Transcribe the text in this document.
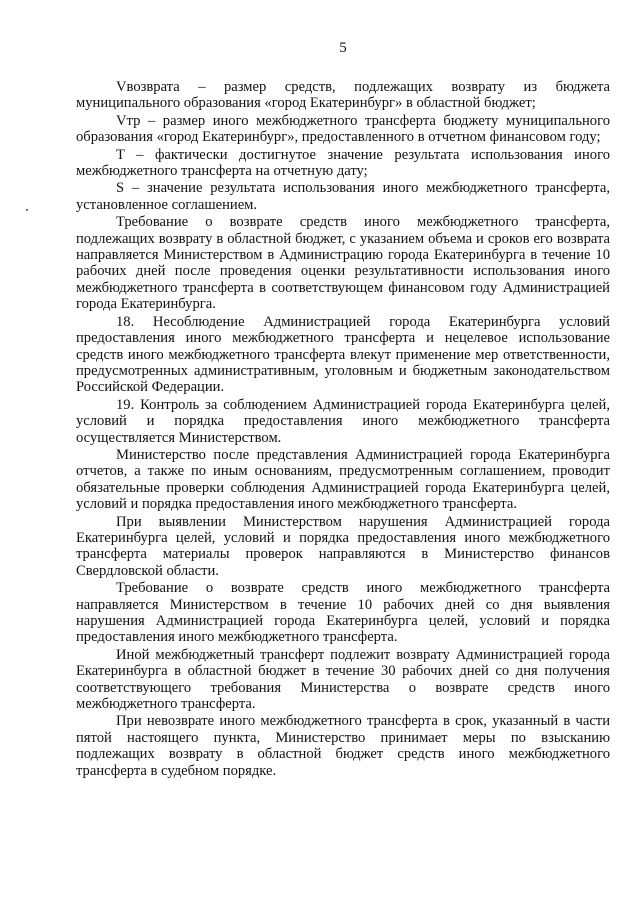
5

Vвозврата – размер средств, подлежащих возврату из бюджета муниципального образования «город Екатеринбург» в областной бюджет;

Vтр – размер иного межбюджетного трансферта бюджету муниципального образования «город Екатеринбург», предоставленного в отчетном финансовом году;

T – фактически достигнутое значение результата использования иного межбюджетного трансферта на отчетную дату;

S – значение результата использования иного межбюджетного трансферта, установленное соглашением.

Требование о возврате средств иного межбюджетного трансферта, подлежащих возврату в областной бюджет, с указанием объема и сроков его возврата направляется Министерством в Администрацию города Екатеринбурга в течение 10 рабочих дней после проведения оценки результативности использования иного межбюджетного трансферта в соответствующем финансовом году Администрацией города Екатеринбурга.

18. Несоблюдение Администрацией города Екатеринбурга условий предоставления иного межбюджетного трансферта и нецелевое использование средств иного межбюджетного трансферта влекут применение мер ответственности, предусмотренных административным, уголовным и бюджетным законодательством Российской Федерации.

19. Контроль за соблюдением Администрацией города Екатеринбурга целей, условий и порядка предоставления иного межбюджетного трансферта осуществляется Министерством.

Министерство после представления Администрацией города Екатеринбурга отчетов, а также по иным основаниям, предусмотренным соглашением, проводит обязательные проверки соблюдения Администрацией города Екатеринбурга целей, условий и порядка предоставления иного межбюджетного трансферта.

При выявлении Министерством нарушения Администрацией города Екатеринбурга целей, условий и порядка предоставления иного межбюджетного трансферта материалы проверок направляются в Министерство финансов Свердловской области.

Требование о возврате средств иного межбюджетного трансферта направляется Министерством в течение 10 рабочих дней со дня выявления нарушения Администрацией города Екатеринбурга целей, условий и порядка предоставления иного межбюджетного трансферта.

Иной межбюджетный трансферт подлежит возврату Администрацией города Екатеринбурга в областной бюджет в течение 30 рабочих дней со дня получения соответствующего требования Министерства о возврате средств иного межбюджетного трансферта.

При невозврате иного межбюджетного трансферта в срок, указанный в части пятой настоящего пункта, Министерство принимает меры по взысканию подлежащих возврату в областной бюджет средств иного межбюджетного трансферта в судебном порядке.
